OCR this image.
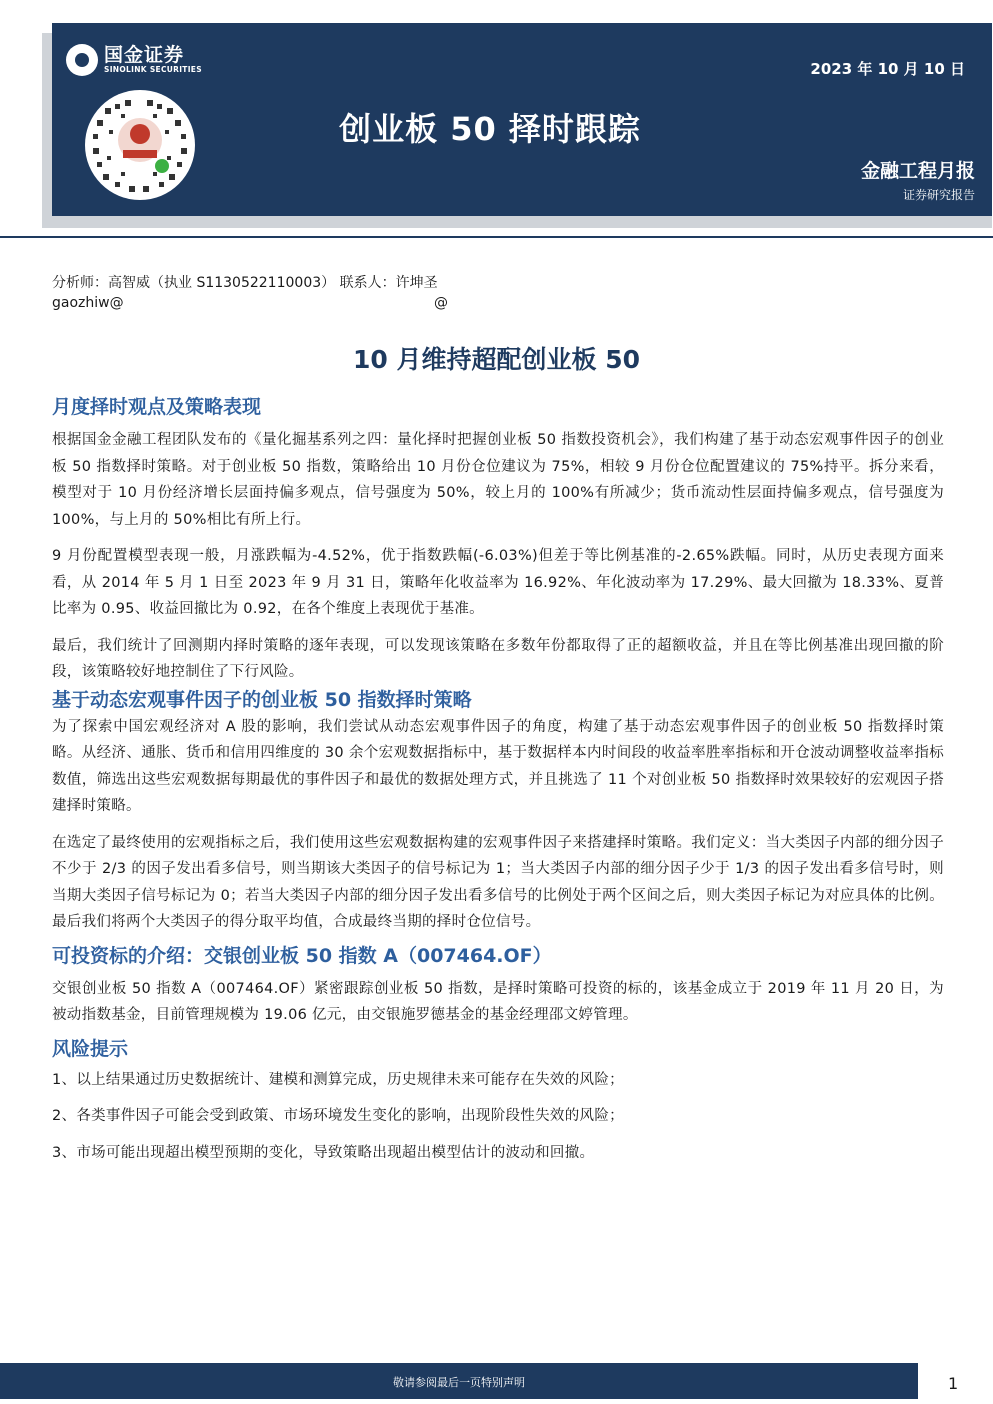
国金证券
SINOLINK SECURITIES	2023 年 10 月 10 日
创业板 50 择时跟踪
金融工程月报
证券研究报告
分析师：高智威（执业 S1130522110003） 联系人：许坤圣
gaozhiw@	@
10 月维持超配创业板 50
月度择时观点及策略表现

根据国金金融工程团队发布的《量化掘基系列之四：量化择时把握创业板 50 指数投资机会》，我们构建了基于动态宏观事件因子的创业板 50 指数择时策略。对于创业板 50 指数，策略给出 10 月份仓位建议为 75%，相较 9 月份仓位配置建议的 75%持平。拆分来看，模型对于 10 月份经济增长层面持偏多观点，信号强度为 50%，较上月的 100%有所减少；货币流动性层面持偏多观点，信号强度为 100%，与上月的 50%相比有所上行。

9 月份配置模型表现一般，月涨跌幅为-4.52%，优于指数跌幅(-6.03%)但差于等比例基准的-2.65%跌幅。同时，从历史表现方面来看，从 2014 年 5 月 1 日至 2023 年 9 月 31 日，策略年化收益率为 16.92%、年化波动率为 17.29%、最大回撤为 18.33%、夏普比率为 0.95、收益回撤比为 0.92，在各个维度上表现优于基准。

最后，我们统计了回测期内择时策略的逐年表现，可以发现该策略在多数年份都取得了正的超额收益，并且在等比例基准出现回撤的阶段，该策略较好地控制住了下行风险。

基于动态宏观事件因子的创业板 50 指数择时策略

为了探索中国宏观经济对 A 股的影响，我们尝试从动态宏观事件因子的角度，构建了基于动态宏观事件因子的创业板 50 指数择时策略。从经济、通胀、货币和信用四维度的 30 余个宏观数据指标中，基于数据样本内时间段的收益率胜率指标和开仓波动调整收益率指标数值，筛选出这些宏观数据每期最优的事件因子和最优的数据处理方式，并且挑选了 11 个对创业板 50 指数择时效果较好的宏观因子搭建择时策略。

在选定了最终使用的宏观指标之后，我们使用这些宏观数据构建的宏观事件因子来搭建择时策略。我们定义：当大类因子内部的细分因子不少于 2/3 的因子发出看多信号，则当期该大类因子的信号标记为 1；当大类因子内部的细分因子少于 1/3 的因子发出看多信号时，则当期大类因子信号标记为 0；若当大类因子内部的细分因子发出看多信号的比例处于两个区间之后，则大类因子标记为对应具体的比例。最后我们将两个大类因子的得分取平均值，合成最终当期的择时仓位信号。

可投资标的介绍：交银创业板 50 指数 A（007464.OF）

交银创业板 50 指数 A（007464.OF）紧密跟踪创业板 50 指数，是择时策略可投资的标的，该基金成立于 2019 年 11 月 20 日，为被动指数基金，目前管理规模为 19.06 亿元，由交银施罗德基金的基金经理邵文婷管理。

风险提示

1、以上结果通过历史数据统计、建模和测算完成，历史规律未来可能存在失效的风险；

2、各类事件因子可能会受到政策、市场环境发生变化的影响，出现阶段性失效的风险；

3、市场可能出现超出模型预期的变化，导致策略出现超出模型估计的波动和回撤。

敬请参阅最后一页特别声明	1
